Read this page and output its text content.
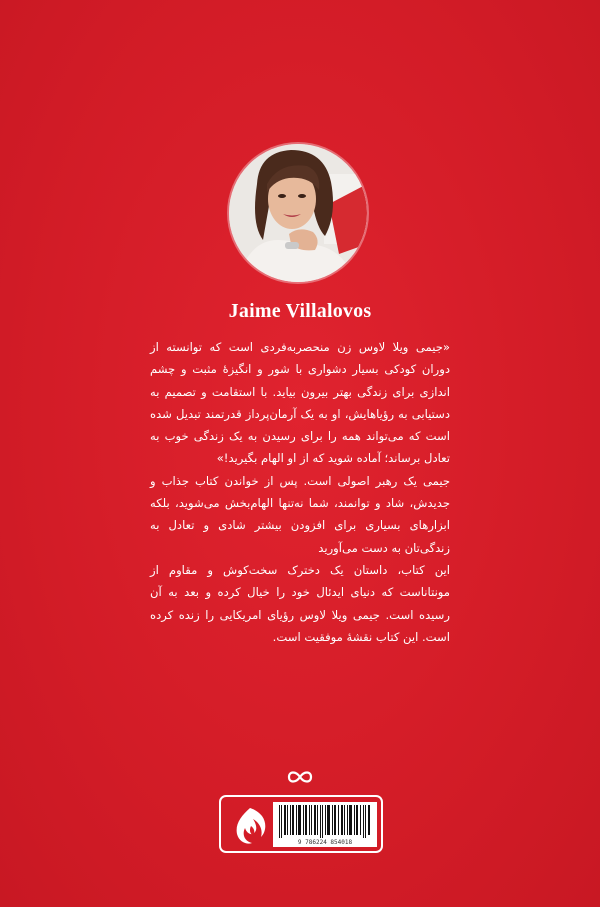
Jaime Villalovos

«جیمی ویلا لاوس زن منحصربه‌فردی است که توانسته از دوران کودکی بسیار دشواری با شور و انگیزهٔ مثبت و چشم اندازی برای زندگی بهتر بیرون بیاید. با استقامت و تصمیم به دستیابی به رؤیاهایش، او به یک آرمان‌پرداز قدرتمند تبدیل شده است که می‌تواند همه را برای رسیدن به یک زندگی خوب به تعادل برساند؛ آماده شوید که از او الهام بگیرید!»

جیمی یک رهبر اصولی است. پس از خواندن کتاب جذاب و جدیدش، شاد و توانمند، شما نه‌تنها الهام‌بخش می‌شوید، بلکه ابزارهای بسیاری برای افزودن بیشتر شادی و تعادل به زندگی‌تان به دست می‌آورید

این کتاب، داستان یک دخترک سخت‌کوش و مقاوم از مونتاناست که دنیای ایدئال خود را خیال کرده و بعد به آن رسیده است. جیمی ویلا لاوس رؤیای امریکایی را زنده کرده است. این کتاب نقشهٔ موفقیت است.

9 786224 854018
